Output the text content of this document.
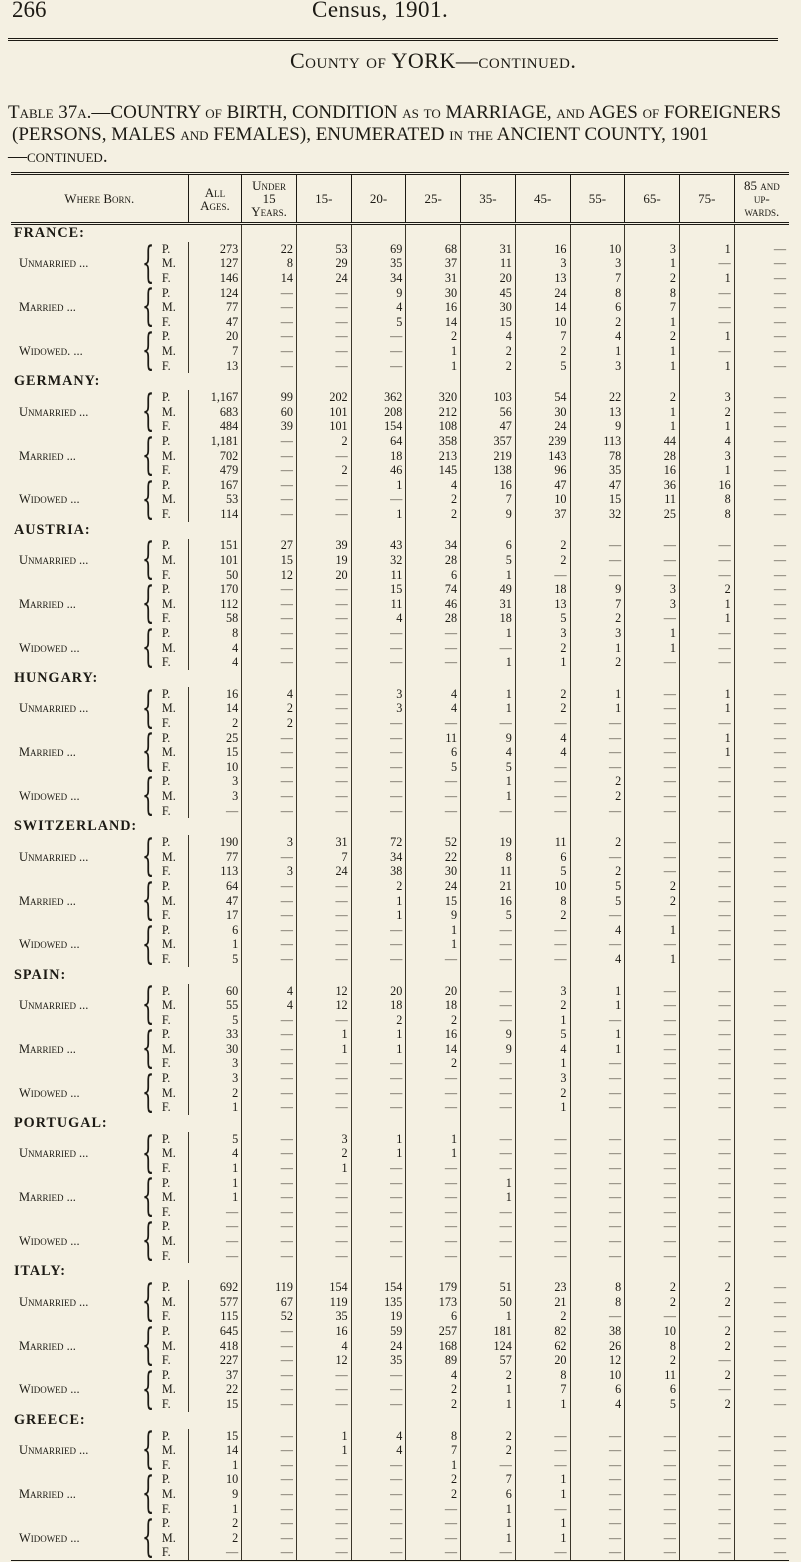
266	Census, 1901.
County of YORK—continued.
Table 37a.—COUNTRY of BIRTH, CONDITION as to MARRIAGE, and AGES of FOREIGNERS
(PERSONS, MALES and FEMALES), ENUMERATED in the ANCIENT COUNTY, 1901
—continued.
Where Born.		All Ages.	Under 15 Years.	15-	20-	25-	35-	45-	55-	65-	75-	85 and up-wards.
FRANCE:												
	P.	273	22	53	69	68	31	16	10	3	1	—
Unmarried ... {	M.	127	8	29	35	37	11	3	3	1	—	—
	F.	146	14	24	34	31	20	13	7	2	1	—
	P.	124	—	—	9	30	45	24	8	8	—	—
Married ... {	M.	77	—	—	4	16	30	14	6	7	—	—
	F.	47	—	—	5	14	15	10	2	1	—	—
	P.	20	—	—	—	2	4	7	4	2	1	—
Widowed. ... {	M.	7	—	—	—	1	2	2	1	1	—	—
	F.	13	—	—	—	1	2	5	3	1	1	—
GERMANY:												
	P.	1,167	99	202	362	320	103	54	22	2	3	—
Unmarried ... {	M.	683	60	101	208	212	56	30	13	1	2	—
	F.	484	39	101	154	108	47	24	9	1	1	—
	P.	1,181	—	2	64	358	357	239	113	44	4	—
Married ... {	M.	702	—	—	18	213	219	143	78	28	3	—
	F.	479	—	2	46	145	138	96	35	16	1	—
	P.	167	—	—	1	4	16	47	47	36	16	—
Widowed ... {	M.	53	—	—	—	2	7	10	15	11	8	—
	F.	114	—	—	1	2	9	37	32	25	8	—
AUSTRIA:												
	P.	151	27	39	43	34	6	2	—	—	—	—
Unmarried ... {	M.	101	15	19	32	28	5	2	—	—	—	—
	F.	50	12	20	11	6	1	—	—	—	—	—
	P.	170	—	—	15	74	49	18	9	3	2	—
Married ... {	M.	112	—	—	11	46	31	13	7	3	1	—
	F.	58	—	—	4	28	18	5	2	—	1	—
	P.	8	—	—	—	—	1	3	3	1	—	—
Widowed ... {	M.	4	—	—	—	—	—	2	1	1	—	—
	F.	4	—	—	—	—	1	1	2	—	—	—
HUNGARY:												
	P.	16	4	—	3	4	1	2	1	—	1	—
Unmarried ... {	M.	14	2	—	3	4	1	2	1	—	1	—
	F.	2	2	—	—	—	—	—	—	—	—	—
	P.	25	—	—	—	11	9	4	—	—	1	—
Married ... {	M.	15	—	—	—	6	4	4	—	—	1	—
	F.	10	—	—	—	5	5	—	—	—	—	—
	P.	3	—	—	—	—	1	—	2	—	—	—
Widowed ... {	M.	3	—	—	—	—	1	—	2	—	—	—
	F.	—	—	—	—	—	—	—	—	—	—	—
SWITZERLAND:												
	P.	190	3	31	72	52	19	11	2	—	—	—
Unmarried ... {	M.	77	—	7	34	22	8	6	—	—	—	—
	F.	113	3	24	38	30	11	5	2	—	—	—
	P.	64	—	—	2	24	21	10	5	2	—	—
Married ... {	M.	47	—	—	1	15	16	8	5	2	—	—
	F.	17	—	—	1	9	5	2	—	—	—	—
	P.	6	—	—	—	1	—	—	4	1	—	—
Widowed ... {	M.	1	—	—	—	1	—	—	—	—	—	—
	F.	5	—	—	—	—	—	—	4	1	—	—
SPAIN:												
	P.	60	4	12	20	20	—	3	1	—	—	—
Unmarried ... {	M.	55	4	12	18	18	—	2	1	—	—	—
	F.	5	—	—	2	2	—	1	—	—	—	—
	P.	33	—	1	1	16	9	5	1	—	—	—
Married ... {	M.	30	—	1	1	14	9	4	1	—	—	—
	F.	3	—	—	—	2	—	1	—	—	—	—
	P.	3	—	—	—	—	—	3	—	—	—	—
Widowed ... {	M.	2	—	—	—	—	—	2	—	—	—	—
	F.	1	—	—	—	—	—	1	—	—	—	—
PORTUGAL:												
	P.	5	—	3	1	1	—	—	—	—	—	—
Unmarried ... {	M.	4	—	2	1	1	—	—	—	—	—	—
	F.	1	—	1	—	—	—	—	—	—	—	—
	P.	1	—	—	—	—	1	—	—	—	—	—
Married ... {	M.	1	—	—	—	—	1	—	—	—	—	—
	F.	—	—	—	—	—	—	—	—	—	—	—
	P.	—	—	—	—	—	—	—	—	—	—	—
Widowed ... {	M.	—	—	—	—	—	—	—	—	—	—	—
	F.	—	—	—	—	—	—	—	—	—	—	—
ITALY:												
	P.	692	119	154	154	179	51	23	8	2	2	—
Unmarried ... {	M.	577	67	119	135	173	50	21	8	2	2	—
	F.	115	52	35	19	6	1	2	—	—	—	—
	P.	645	—	16	59	257	181	82	38	10	2	—
Married ... {	M.	418	—	4	24	168	124	62	26	8	2	—
	F.	227	—	12	35	89	57	20	12	2	—	—
	P.	37	—	—	—	4	2	8	10	11	2	—
Widowed ... {	M.	22	—	—	—	2	1	7	6	6	—	—
	F.	15	—	—	—	2	1	1	4	5	2	—
GREECE:												
	P.	15	—	1	4	8	2	—	—	—	—	—
Unmarried ... {	M.	14	—	1	4	7	2	—	—	—	—	—
	F.	1	—	—	—	1	—	—	—	—	—	—
	P.	10	—	—	—	2	7	1	—	—	—	—
Married ... {	M.	9	—	—	—	2	6	1	—	—	—	—
	F.	1	—	—	—	—	1	—	—	—	—	—
	P.	2	—	—	—	—	1	1	—	—	—	—
Widowed ... {	M.	2	—	—	—	—	1	1	—	—	—	—
	F.	—	—	—	—	—	—	—	—	—	—	—
